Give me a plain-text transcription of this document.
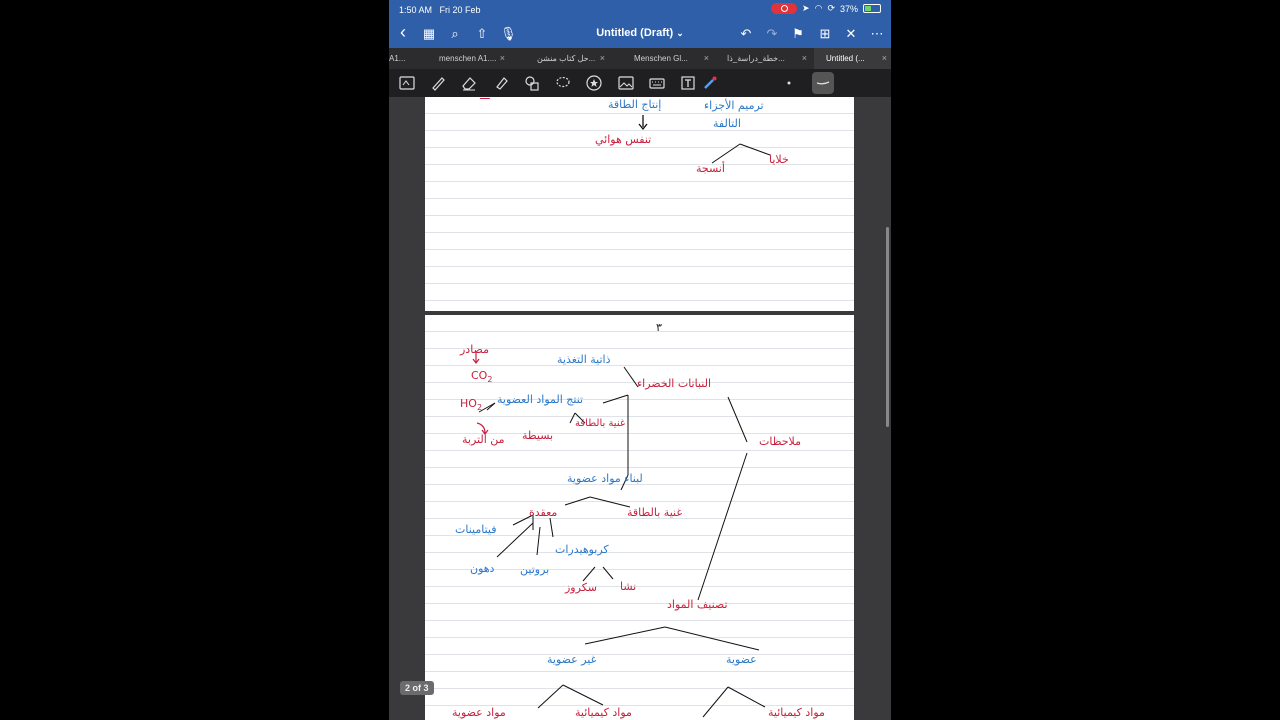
1:50 AM Fri 20 Feb	➤ ◠ ⟳ 37%
‹	▦	⌕	⇧ 🎙	Untitled (Draft) ⌄	↶ ↷ ⚑ ⊞ ✕ ⋯
A1...	menschen A1.... ×	حل كتاب منشن... ×	Menschen Gl... ×	خطة_دراسة_ذا... ×	Untitled (... ×
ـــ
إنتاج الطاقة	ترميم الأجزاء
التالفة
تنفس هوائي
خلايا
أنسجة
٣
مصادر
$CO_2$
$HO_2$
من التربة
ذاتية التغذية
النباتات الخضراء
ملاحظات
تنتج المواد العضوية
غنية بالطاقة
بسيطة
لبناء مواد عضوية
معقدة	غنية بالطاقة
فيتامينات
كربوهيدرات
دهون بروتين
نشا
سكروز
تصنيف المواد
غير عضوية	عضوية
مواد عضوية	مواد كيميائية	مواد كيميائية
2 of 3
